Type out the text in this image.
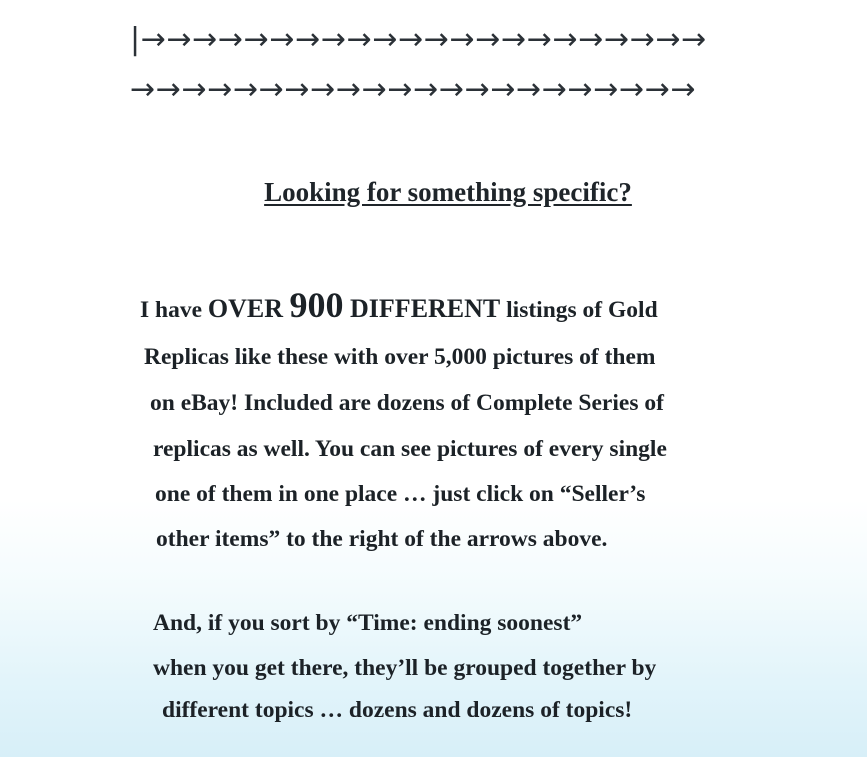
|→→→→→→→→→→→→→→→→→→→→→→
→→→→→→→→→→→→→→→→→→→→→→
Looking for something specific?
I have OVER 900 DIFFERENT listings of Gold
Replicas like these with over 5,000 pictures of them
on eBay! Included are dozens of Complete Series of
replicas as well. You can see pictures of every single
one of them in one place … just click on “Seller’s
other items” to the right of the arrows above.
And, if you sort by “Time: ending soonest”
when you get there, they’ll be grouped together by
different topics … dozens and dozens of topics!
